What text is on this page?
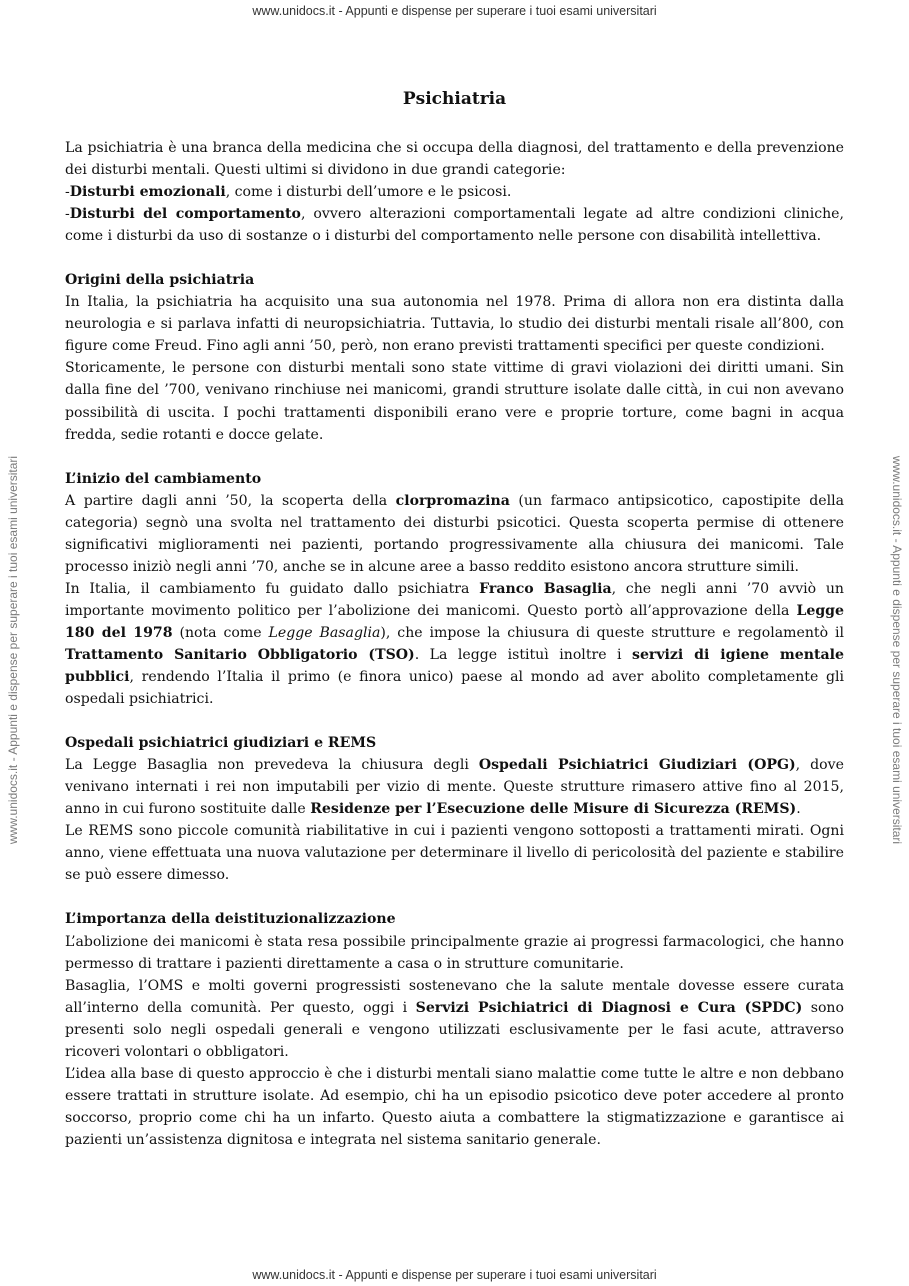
www.unidocs.it - Appunti e dispense per superare i tuoi esami universitari
www.unidocs.it - Appunti e dispense per superare i tuoi esami universitari
www.unidocs.it - Appunti e dispense per superare i tuoi esami universitari	www.unidocs.it - Appunti e dispense per superare i tuoi esami universitari
Psichiatria

La psichiatria è una branca della medicina che si occupa della diagnosi, del trattamento e della prevenzione dei disturbi mentali. Questi ultimi si dividono in due grandi categorie:

-Disturbi emozionali, come i disturbi dell’umore e le psicosi.

-Disturbi del comportamento, ovvero alterazioni comportamentali legate ad altre condizioni cliniche, come i disturbi da uso di sostanze o i disturbi del comportamento nelle persone con disabilità intellettiva.

Origini della psichiatria

In Italia, la psichiatria ha acquisito una sua autonomia nel 1978. Prima di allora non era distinta dalla neurologia e si parlava infatti di neuropsichiatria. Tuttavia, lo studio dei disturbi mentali risale all’800, con figure come Freud. Fino agli anni ’50, però, non erano previsti trattamenti specifici per queste condizioni.

Storicamente, le persone con disturbi mentali sono state vittime di gravi violazioni dei diritti umani. Sin dalla fine del ’700, venivano rinchiuse nei manicomi, grandi strutture isolate dalle città, in cui non avevano possibilità di uscita. I pochi trattamenti disponibili erano vere e proprie torture, come bagni in acqua fredda, sedie rotanti e docce gelate.

L’inizio del cambiamento

A partire dagli anni ’50, la scoperta della clorpromazina (un farmaco antipsicotico, capostipite della categoria) segnò una svolta nel trattamento dei disturbi psicotici. Questa scoperta permise di ottenere significativi miglioramenti nei pazienti, portando progressivamente alla chiusura dei manicomi. Tale processo iniziò negli anni ’70, anche se in alcune aree a basso reddito esistono ancora strutture simili.

In Italia, il cambiamento fu guidato dallo psichiatra Franco Basaglia, che negli anni ’70 avviò un importante movimento politico per l’abolizione dei manicomi. Questo portò all’approvazione della Legge 180 del 1978 (nota come Legge Basaglia), che impose la chiusura di queste strutture e regolamentò il Trattamento Sanitario Obbligatorio (TSO). La legge istituì inoltre i servizi di igiene mentale pubblici, rendendo l’Italia il primo (e finora unico) paese al mondo ad aver abolito completamente gli ospedali psichiatrici.

Ospedali psichiatrici giudiziari e REMS

La Legge Basaglia non prevedeva la chiusura degli Ospedali Psichiatrici Giudiziari (OPG), dove venivano internati i rei non imputabili per vizio di mente. Queste strutture rimasero attive fino al 2015, anno in cui furono sostituite dalle Residenze per l’Esecuzione delle Misure di Sicurezza (REMS).

Le REMS sono piccole comunità riabilitative in cui i pazienti vengono sottoposti a trattamenti mirati. Ogni anno, viene effettuata una nuova valutazione per determinare il livello di pericolosità del paziente e stabilire se può essere dimesso.

L’importanza della deistituzionalizzazione

L’abolizione dei manicomi è stata resa possibile principalmente grazie ai progressi farmacologici, che hanno permesso di trattare i pazienti direttamente a casa o in strutture comunitarie.

Basaglia, l’OMS e molti governi progressisti sostenevano che la salute mentale dovesse essere curata all’interno della comunità. Per questo, oggi i Servizi Psichiatrici di Diagnosi e Cura (SPDC) sono presenti solo negli ospedali generali e vengono utilizzati esclusivamente per le fasi acute, attraverso ricoveri volontari o obbligatori.

L’idea alla base di questo approccio è che i disturbi mentali siano malattie come tutte le altre e non debbano essere trattati in strutture isolate. Ad esempio, chi ha un episodio psicotico deve poter accedere al pronto soccorso, proprio come chi ha un infarto. Questo aiuta a combattere la stigmatizzazione e garantisce ai pazienti un’assistenza dignitosa e integrata nel sistema sanitario generale.
